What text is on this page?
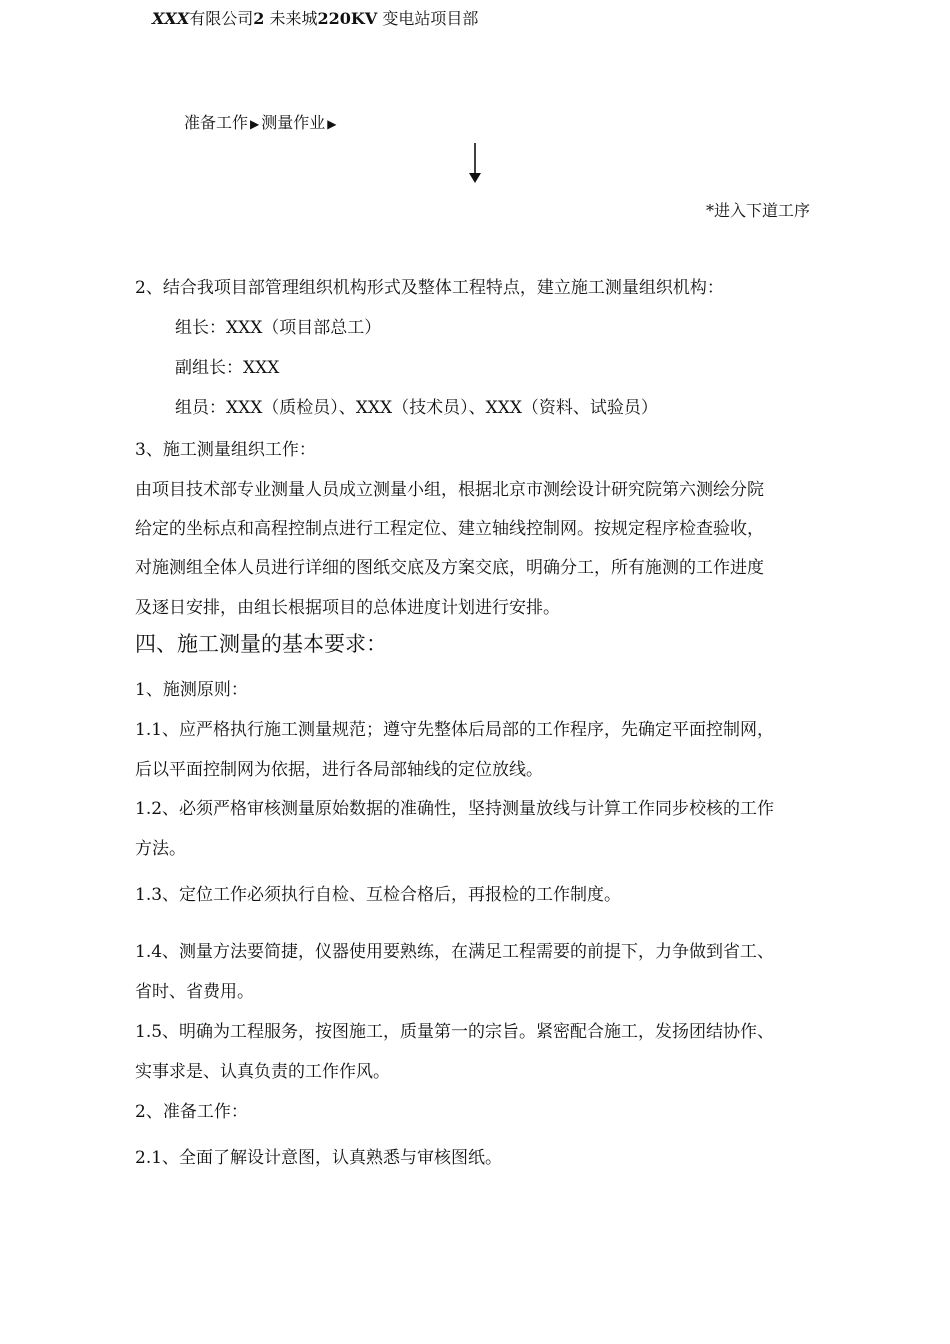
XXX有限公司2 未来城220KV 变电站项目部
准备工作 ▶ 测量作业 ▶
*进入下道工序
2、结合我项目部管理组织机构形式及整体工程特点，建立施工测量组织机构：
组长：XXX（项目部总工）
副组长：XXX
组员：XXX（质检员）、XXX（技术员）、XXX（资料、试验员）
3、施工测量组织工作：
由项目技术部专业测量人员成立测量小组，根据北京市测绘设计研究院第六测绘分院
给定的坐标点和高程控制点进行工程定位、建立轴线控制网。按规定程序检查验收，
对施测组全体人员进行详细的图纸交底及方案交底，明确分工，所有施测的工作进度
及逐日安排，由组长根据项目的总体进度计划进行安排。
四、施工测量的基本要求：
1、施测原则：
1.1、应严格执行施工测量规范；遵守先整体后局部的工作程序，先确定平面控制网，
后以平面控制网为依据，进行各局部轴线的定位放线。
1.2、必须严格审核测量原始数据的准确性，坚持测量放线与计算工作同步校核的工作
方法。
1.3、定位工作必须执行自检、互检合格后，再报检的工作制度。
1.4、测量方法要简捷，仪器使用要熟练，在满足工程需要的前提下，力争做到省工、
省时、省费用。
1.5、明确为工程服务，按图施工，质量第一的宗旨。紧密配合施工，发扬团结协作、
实事求是、认真负责的工作作风。
2、准备工作：
2.1、全面了解设计意图，认真熟悉与审核图纸。
